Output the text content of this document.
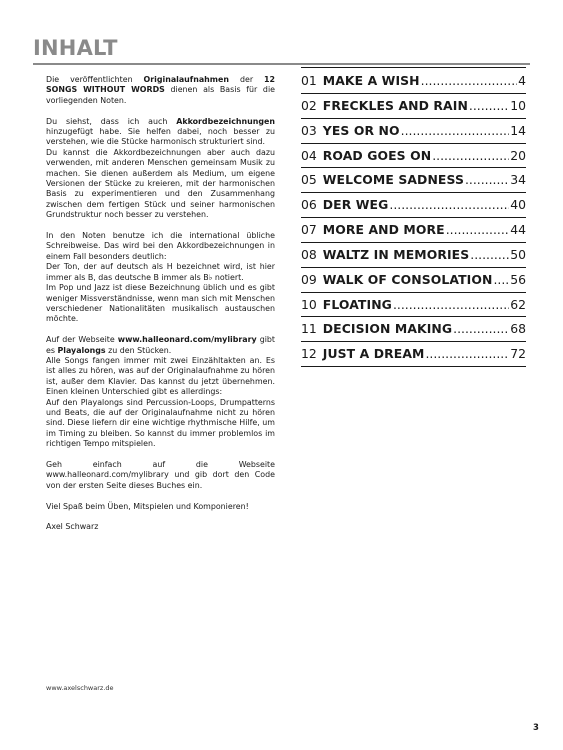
INHALT

Die veröffentlichten Originalaufnahmen der 12 SONGS WITHOUT WORDS dienen als Basis für die vorliegenden Noten.

Du siehst, dass ich auch Akkordbezeichnungen hinzugefügt habe. Sie helfen dabei, noch besser zu verstehen, wie die Stücke harmonisch strukturiert sind.
Du kannst die Akkordbezeichnungen aber auch dazu verwenden, mit anderen Menschen gemeinsam Musik zu machen. Sie dienen außerdem als Medium, um eigene Versionen der Stücke zu kreieren, mit der harmonischen Basis zu experimentieren und den Zusammenhang zwischen dem fertigen Stück und seiner harmonischen Grundstruktur noch besser zu verstehen.

In den Noten benutze ich die international übliche Schreibweise. Das wird bei den Akkordbezeichnungen in einem Fall besonders deutlich:
Der Ton, der auf deutsch als H bezeichnet wird, ist hier immer als B, das deutsche B immer als B♭ notiert.
Im Pop und Jazz ist diese Bezeichnung üblich und es gibt weniger Missverständnisse, wenn man sich mit Menschen verschiedener Nationalitäten musikalisch austauschen möchte.

Auf der Webseite www.halleonard.com/mylibrary gibt es Playalongs zu den Stücken.
Alle Songs fangen immer mit zwei Einzähltakten an. Es ist alles zu hören, was auf der Originalaufnahme zu hören ist, außer dem Klavier. Das kannst du jetzt übernehmen. Einen kleinen Unterschied gibt es allerdings:
Auf den Playalongs sind Percussion-Loops, Drumpatterns und Beats, die auf der Originalaufnahme nicht zu hören sind. Diese liefern dir eine wichtige rhythmische Hilfe, um im Timing zu bleiben. So kannst du immer problemlos im richtigen Tempo mitspielen.

Geh einfach auf die Webseite www.halleonard.com/mylibrary und gib dort den Code von der ersten Seite dieses Buches ein.

Viel Spaß beim Üben, Mitspielen und Komponieren!

Axel Schwarz

01 MAKE A WISH .....	4
02 FRECKLES AND RAIN .....	10
03 YES OR NO .....	14
04 ROAD GOES ON .....	20
05 WELCOME SADNESS .....	34
06 DER WEG .....	40
07 MORE AND MORE .....	44
08 WALTZ IN MEMORIES .....	50
09 WALK OF CONSOLATION ..... 56
10 FLOATING .....	62
11 DECISION MAKING .....	68
12 JUST A DREAM .....	72
www.axelschwarz.de
3
